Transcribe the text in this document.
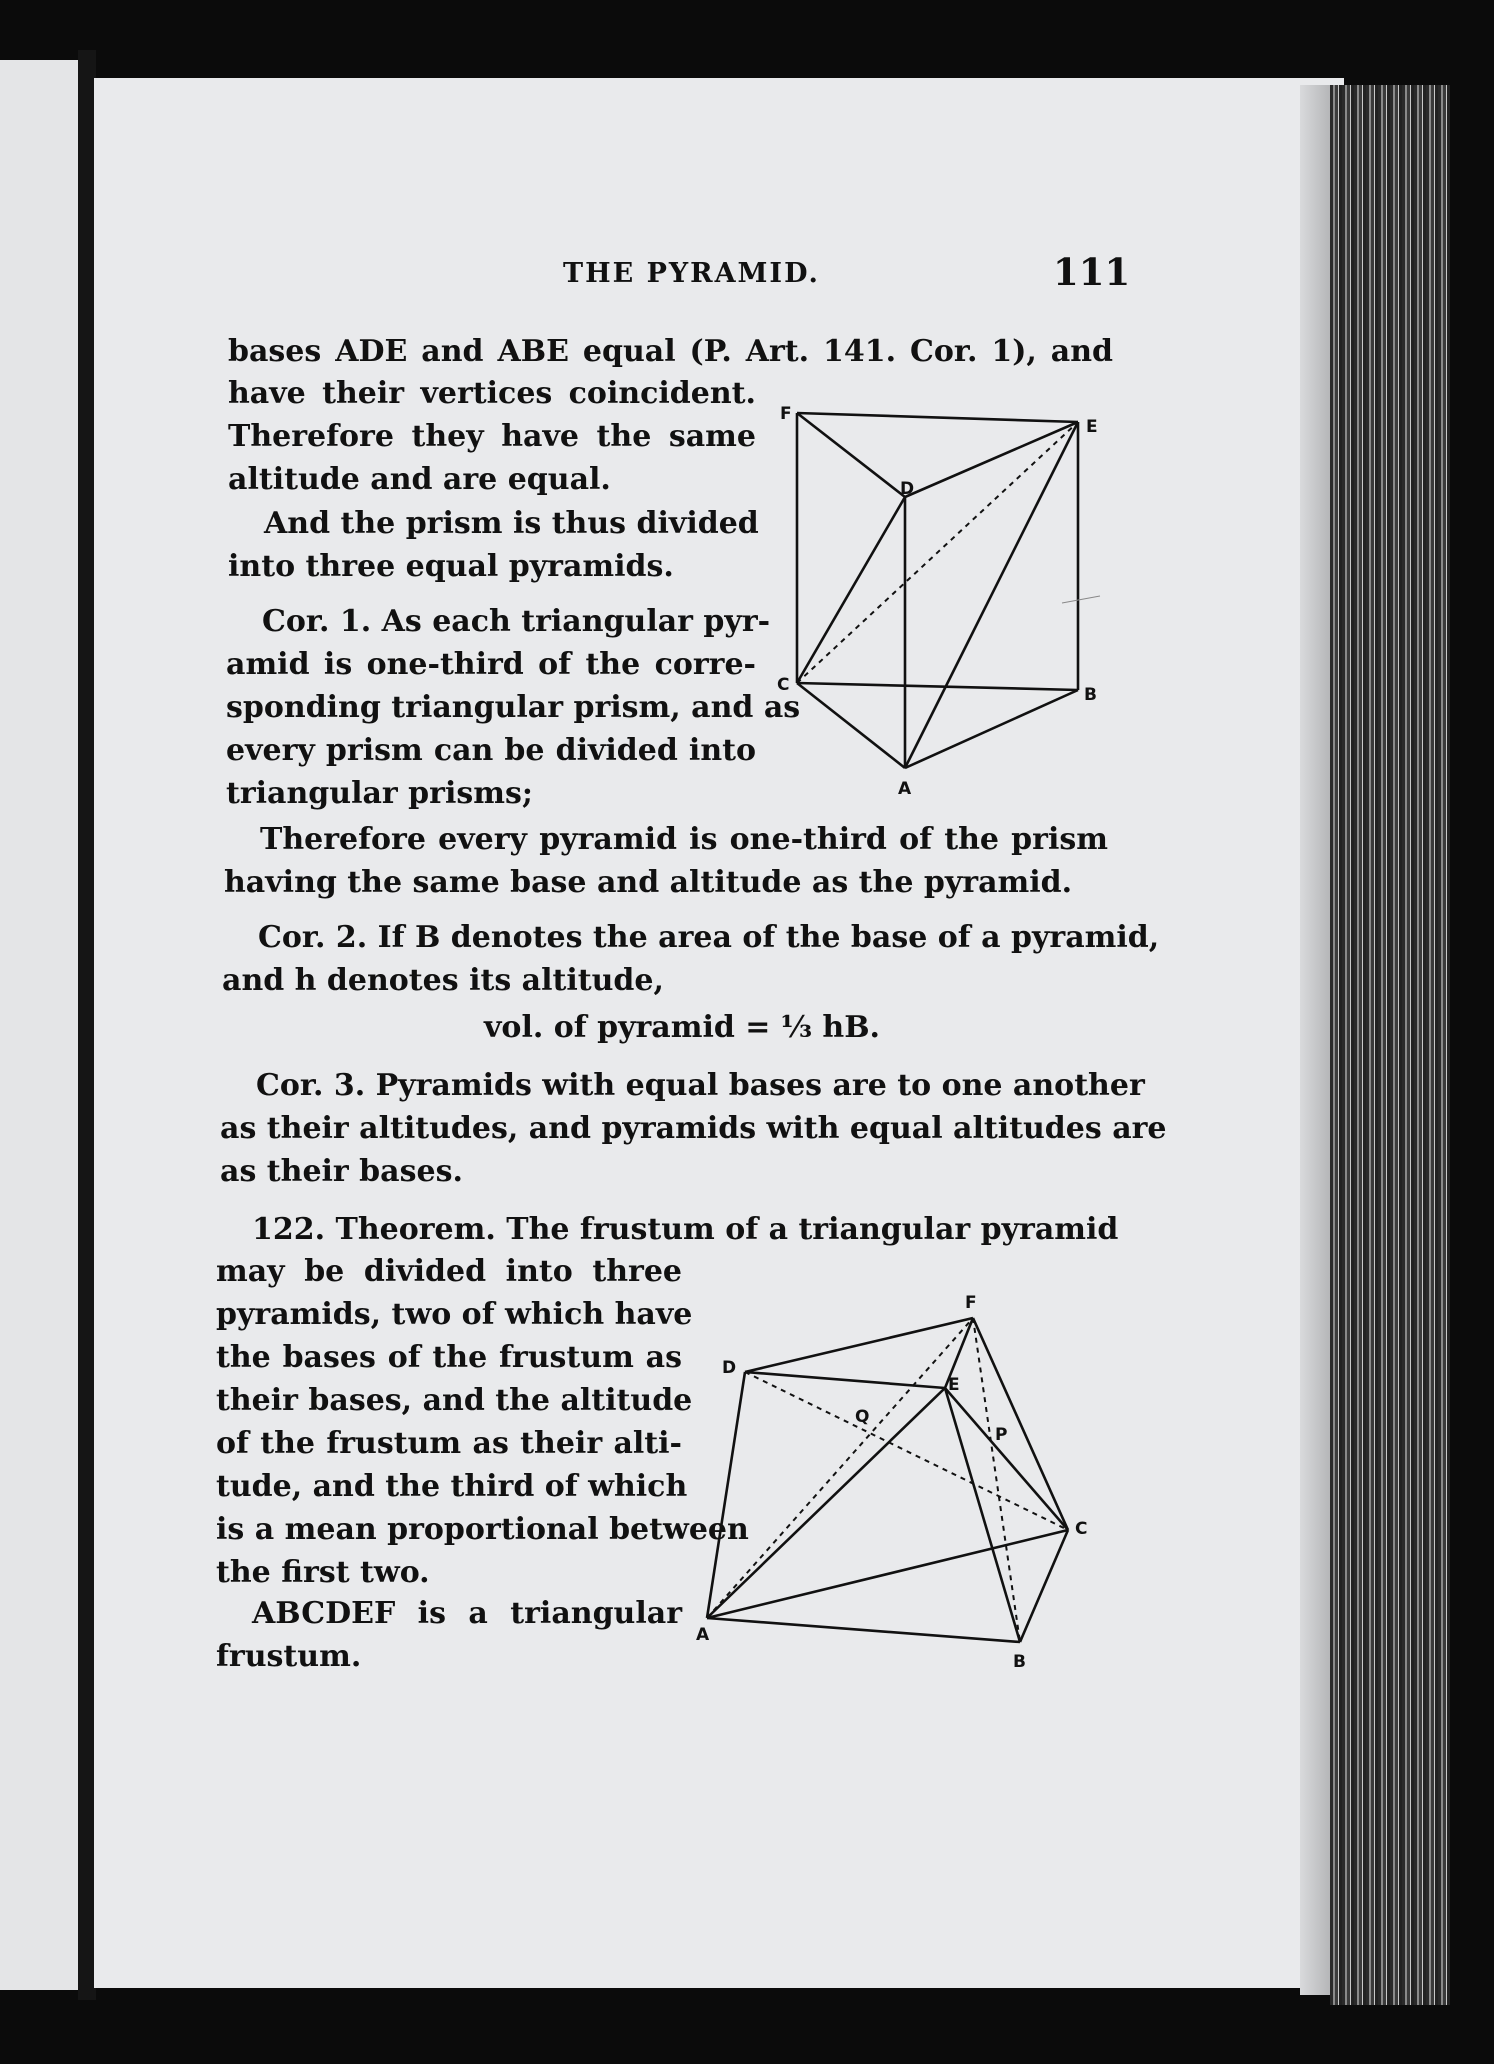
THE PYRAMID.	111
bases ADE and ABE equal (P. Art. 141. Cor. 1), and
have their vertices coincident.
Therefore they have the same
altitude and are equal.
And the prism is thus divided
into three equal pyramids.
Cor. 1. As each triangular pyr-
amid is one-third of the corre-
sponding triangular prism, and as
every prism can be divided into
triangular prisms;
F
E
D
C	B
A
Therefore every pyramid is one-third of the prism
having the same base and altitude as the pyramid.
Cor. 2. If B denotes the area of the base of a pyramid,
and h denotes its altitude,
vol. of pyramid = ⅓ hB.
Cor. 3. Pyramids with equal bases are to one another
as their altitudes, and pyramids with equal altitudes are
as their bases.
122. Theorem. The frustum of a triangular pyramid
may be divided into three
pyramids, two of which have
the bases of the frustum as
their bases, and the altitude
of the frustum as their alti-
tude, and the third of which
is a mean proportional between
the first two.
ABCDEF is a triangular
frustum.
F
D
E
Q
P
C
A
B
